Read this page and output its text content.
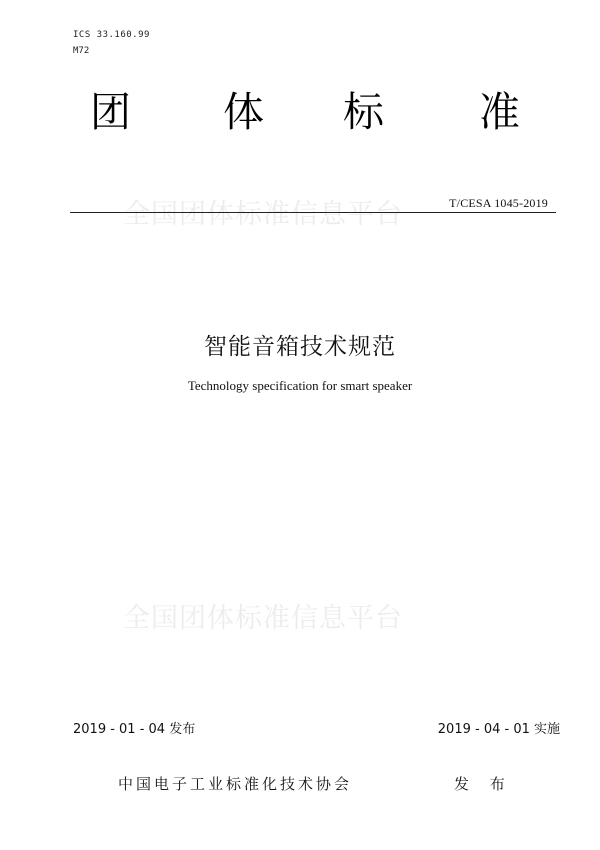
ICS 33.160.99
M72
团 体 标 准
全国团体标准信息平台	T/CESA 1045-2019
智能音箱技术规范
Technology specification for smart speaker
全国团体标准信息平台
2019 - 01 - 04 发布	2019 - 04 - 01 实施
中国电子工业标准化技术协会	发 布
